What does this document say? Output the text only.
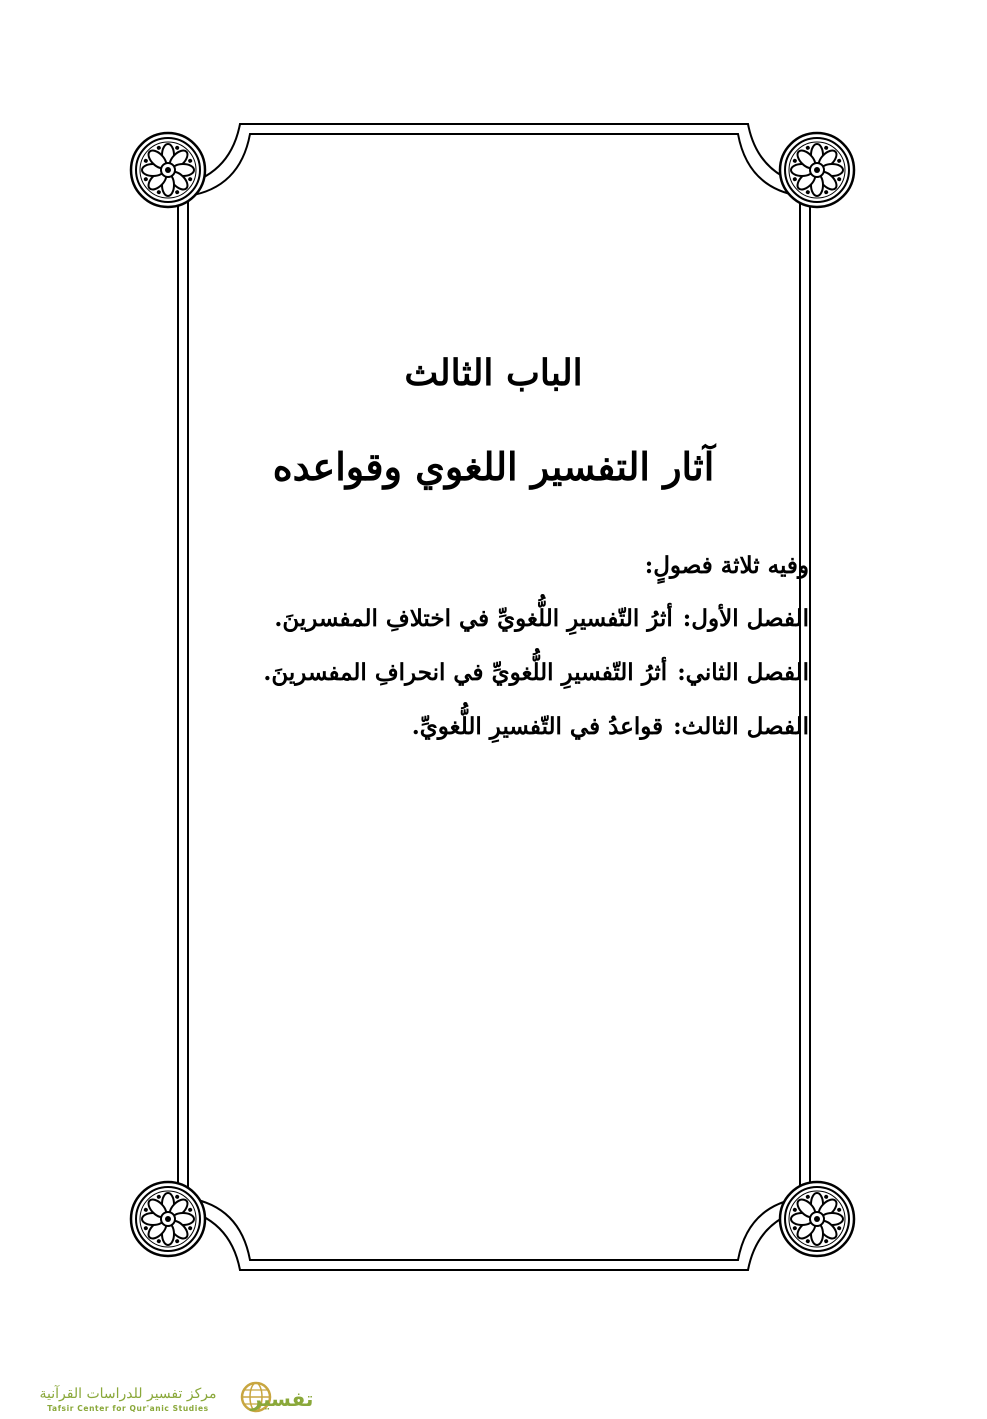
الباب الثالث
آثار التفسير اللغوي وقواعده

وفيه ثلاثة فصولٍ:

الفصل الأول:أثرُ التّفسيرِ اللُّغويِّ في اختلافِ المفسرينَ.
الفصل الثاني:أثرُ التّفسيرِ اللُّغويِّ في انحرافِ المفسرينَ.
الفصل الثالث:قواعدُ في التّفسيرِ اللُّغويِّ.
تفسير
مركز تفسير للدراسات القرآنية
Tafsir Center for Qur'anic Studies
